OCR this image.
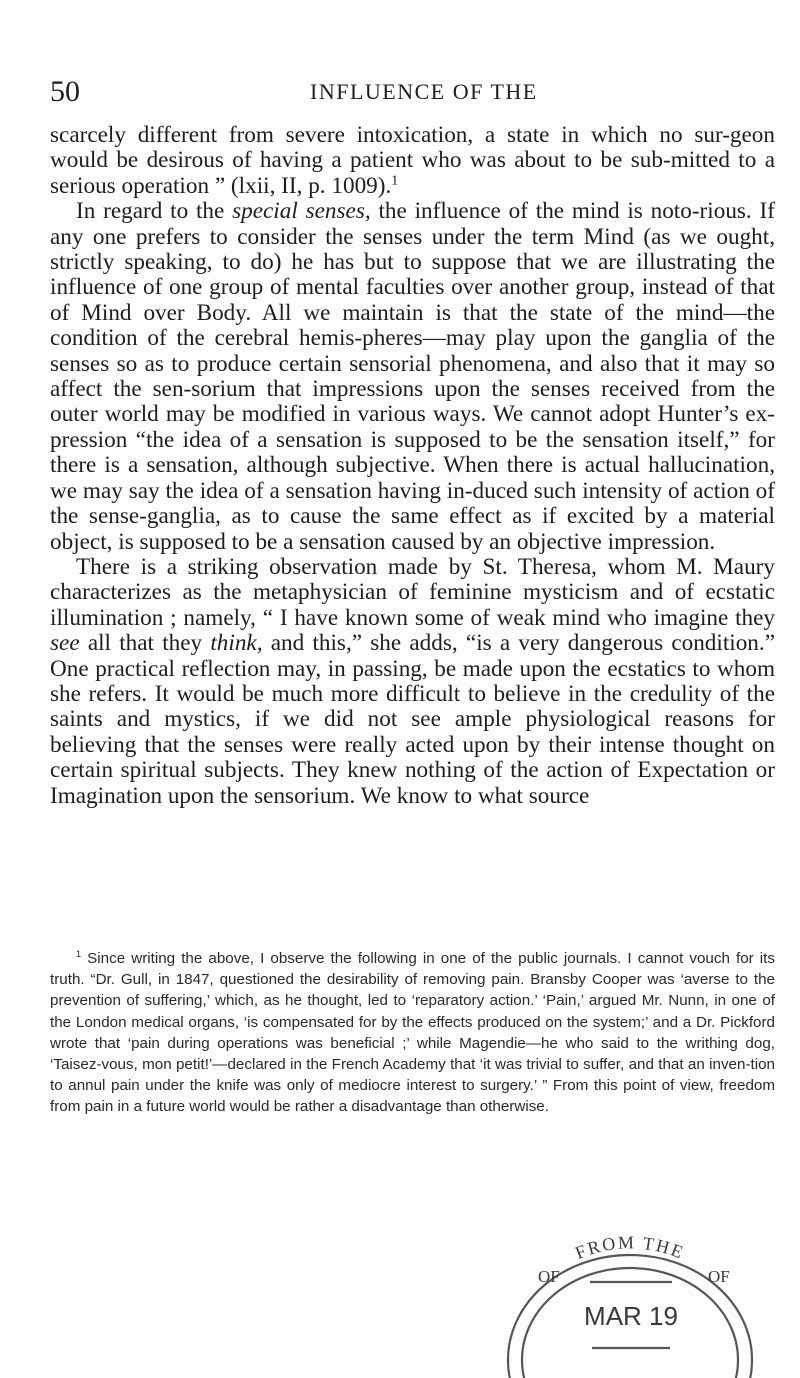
50	INFLUENCE OF THE

scarcely different from severe intoxication, a state in which no sur-geon would be desirous of having a patient who was about to be sub-mitted to a serious operation ” (lxii, II, p. 1009).$^1$

In regard to the special senses, the influence of the mind is noto-rious. If any one prefers to consider the senses under the term Mind (as we ought, strictly speaking, to do) he has but to suppose that we are illustrating the influence of one group of mental faculties over another group, instead of that of Mind over Body. All we maintain is that the state of the mind—the condition of the cerebral hemis-pheres—may play upon the ganglia of the senses so as to produce certain sensorial phenomena, and also that it may so affect the sen-sorium that impressions upon the senses received from the outer world may be modified in various ways. We cannot adopt Hunter’s ex-pression “the idea of a sensation is supposed to be the sensation itself,” for there is a sensation, although subjective. When there is actual hallucination, we may say the idea of a sensation having in-duced such intensity of action of the sense-ganglia, as to cause the same effect as if excited by a material object, is supposed to be a sensation caused by an objective impression.

There is a striking observation made by St. Theresa, whom M. Maury characterizes as the metaphysician of feminine mysticism and of ecstatic illumination ; namely, “ I have known some of weak mind who imagine they see all that they think, and this,” she adds, “is a very dangerous condition.” One practical reflection may, in passing, be made upon the ecstatics to whom she refers. It would be much more difficult to believe in the credulity of the saints and mystics, if we did not see ample physiological reasons for believing that the senses were really acted upon by their intense thought on certain spiritual subjects. They knew nothing of the action of Expectation or Imagination upon the sensorium. We know to what source

$^1$ Since writing the above, I observe the following in one of the public journals. I cannot vouch for its truth. “Dr. Gull, in 1847, questioned the desirability of removing pain. Bransby Cooper was ‘averse to the prevention of suffering,’ which, as he thought, led to ‘reparatory action.’ ‘Pain,’ argued Mr. Nunn, in one of the London medical organs, ‘is compensated for by the effects produced on the system;’ and a Dr. Pickford wrote that ‘pain during operations was beneficial ;’ while Magendie—he who said to the writhing dog, ‘Taisez-vous, mon petit!’—declared in the French Academy that ‘it was trivial to suffer, and that an inven-tion to annul pain under the knife was only of mediocre interest to surgery.’ ” From this point of view, freedom from pain in a future world would be rather a disadvantage than otherwise.

FROM THE
OF	OF
MAR 19
